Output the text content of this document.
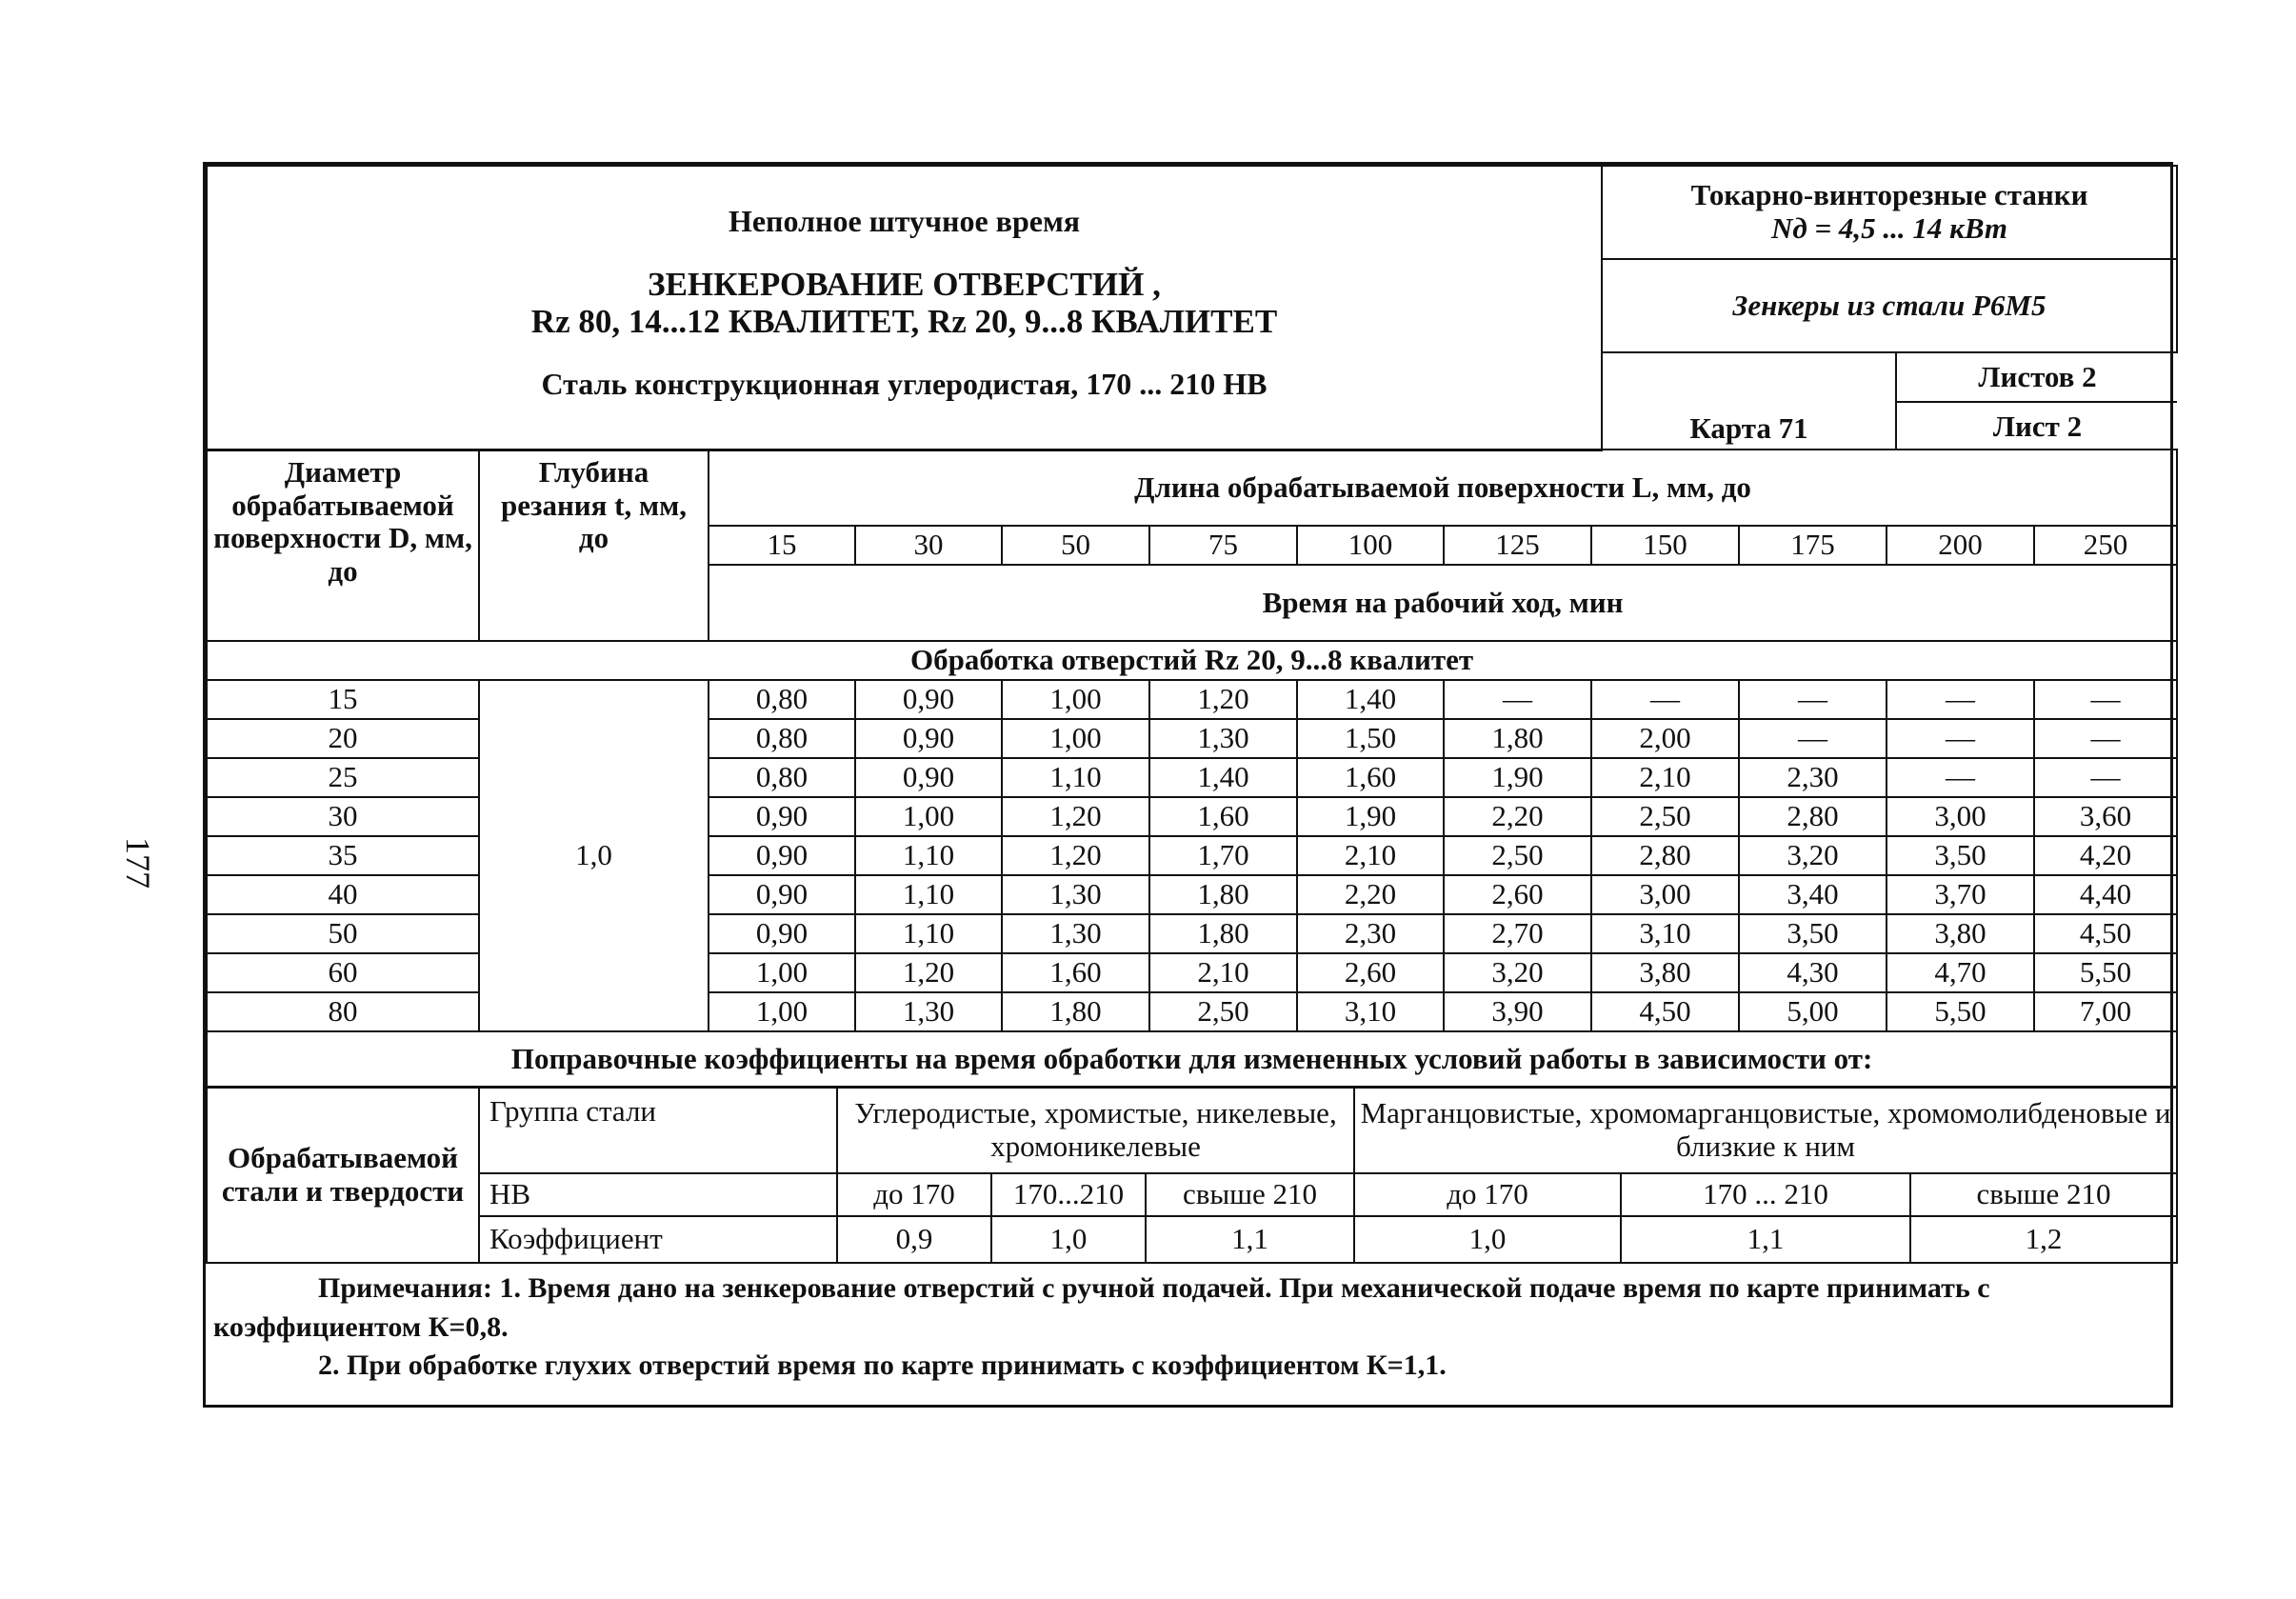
177
Неполное штучное время
ЗЕНКЕРОВАНИЕ ОТВЕРСТИЙ ,
Rz 80, 14...12 КВАЛИТЕТ, Rz 20, 9...8 КВАЛИТЕТ
Сталь конструкционная углеродистая, 170 ... 210 НВ
	Токарно-винторезные станки
Nд = 4,5 ... 14 кВт
Зенкеры из стали Р6М5

Карта 71	Листов 2
Лист 2
Диаметр обрабатываемой поверхности D, мм, до	Глубина резания t, мм, до	Длина обрабатываемой поверхности L, мм, до									
		15	30	50	75	100	125	150	175	200	250
		Время на рабочий ход, мин									
Обработка отверстий Rz 20, 9...8 квалитет											
15	1,0	0,80	0,90	1,00	1,20	1,40	—	—	—	—	—
20		0,80	0,90	1,00	1,30	1,50	1,80	2,00	—	—	—
25		0,80	0,90	1,10	1,40	1,60	1,90	2,10	2,30	—	—
30		0,90	1,00	1,20	1,60	1,90	2,20	2,50	2,80	3,00	3,60
35		0,90	1,10	1,20	1,70	2,10	2,50	2,80	3,20	3,50	4,20
40		0,90	1,10	1,30	1,80	2,20	2,60	3,00	3,40	3,70	4,40
50		0,90	1,10	1,30	1,80	2,30	2,70	3,10	3,50	3,80	4,50
60		1,00	1,20	1,60	2,10	2,60	3,20	3,80	4,30	4,70	5,50
80		1,00	1,30	1,80	2,50	3,10	3,90	4,50	5,00	5,50	7,00
Поправочные коэффициенты на время обработки для измененных условий работы в зависимости от:											
Обрабатываемой стали и твердости	Группа стали	Углеродистые, хромистые, никелевые, хромоникелевые			Марганцовистые, хромомарганцовистые, хромомолибденовые и близкие к ним		
	НВ	до 170	170...210	свыше 210	до 170	170 ... 210	свыше 210
	Коэффициент	0,9	1,0	1,1	1,0	1,1	1,2

Примечания: 1. Время дано на зенкерование отверстий с ручной подачей. При механической подаче время по карте принимать с коэффициентом К=0,8.

2. При обработке глухих отверстий время по карте принимать с коэффициентом К=1,1.
